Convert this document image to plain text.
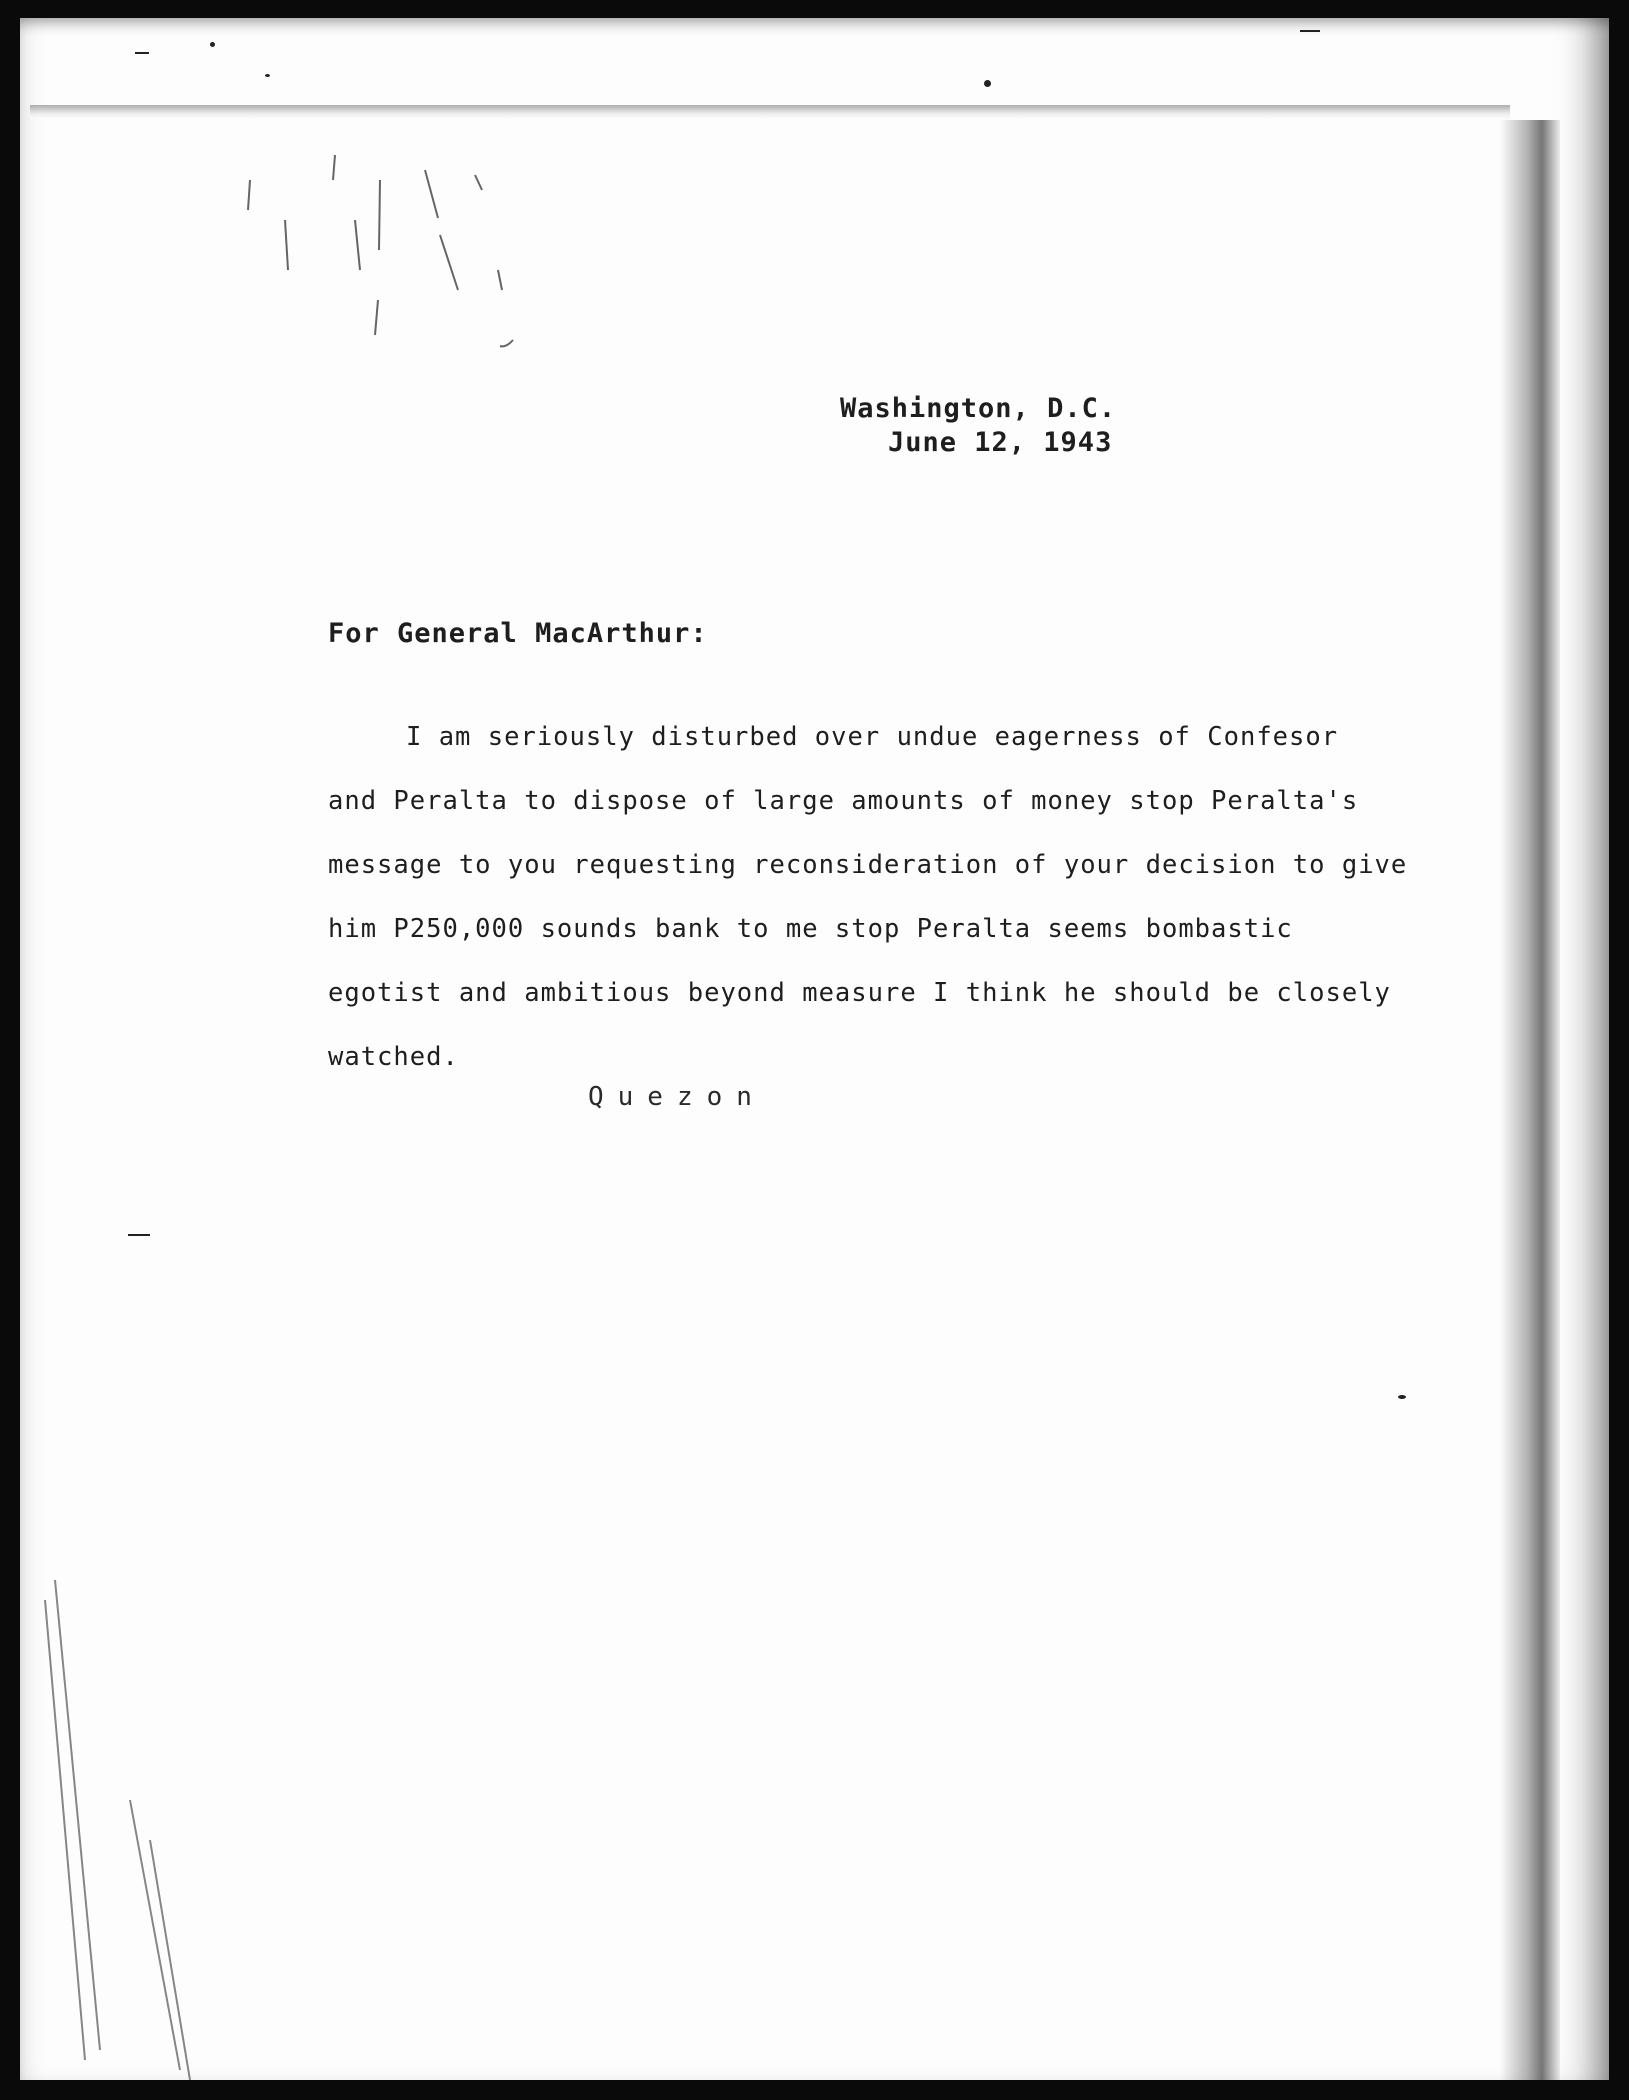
Washington, D.C.
June 12, 1943
For General MacArthur:
I am seriously disturbed over undue eagerness of Confesor
and Peralta to dispose of large amounts of money stop Peralta's
message to you requesting reconsideration of your decision to give
him P250,000 sounds bank to me stop Peralta seems bombastic
egotist and ambitious beyond measure I think he should be closely
watched.
Quezon
